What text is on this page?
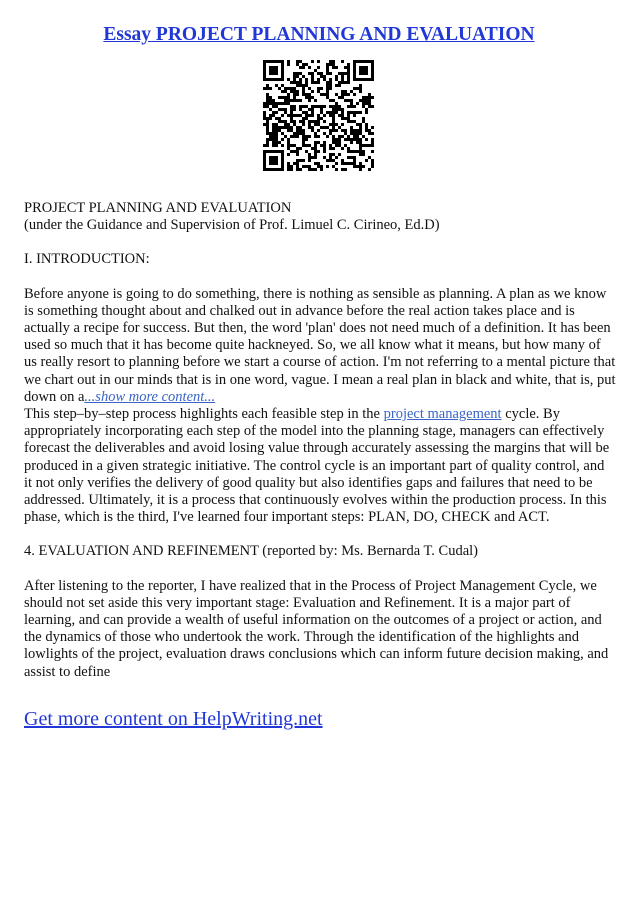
Essay PROJECT PLANNING AND EVALUATION

PROJECT PLANNING AND EVALUATION

(under the Guidance and Supervision of Prof. Limuel C. Cirineo, Ed.D)

I. INTRODUCTION:

Before anyone is going to do something, there is nothing as sensible as planning. A plan as we know is something thought about and chalked out in advance before the real action takes place and is actually a recipe for success. But then, the word 'plan' does not need much of a definition. It has been used so much that it has become quite hackneyed. So, we all know what it means, but how many of us really resort to planning before we start a course of action. I'm not referring to a mental picture that we chart out in our minds that is in one word, vague. I mean a real plan in black and white, that is, put down on a...show more content...

This step–by–step process highlights each feasible step in the project management cycle. By appropriately incorporating each step of the model into the planning stage, managers can effectively forecast the deliverables and avoid losing value through accurately assessing the margins that will be produced in a given strategic initiative. The control cycle is an important part of quality control, and it not only verifies the delivery of good quality but also identifies gaps and failures that need to be addressed. Ultimately, it is a process that continuously evolves within the production process. In this phase, which is the third, I've learned four important steps: PLAN, DO, CHECK and ACT.

4. EVALUATION AND REFINEMENT (reported by: Ms. Bernarda T. Cudal)

After listening to the reporter, I have realized that in the Process of Project Management Cycle, we should not set aside this very important stage: Evaluation and Refinement. It is a major part of learning, and can provide a wealth of useful information on the outcomes of a project or action, and the dynamics of those who undertook the work. Through the identification of the highlights and lowlights of the project, evaluation draws conclusions which can inform future decision making, and assist to define

Get more content on HelpWriting.net
